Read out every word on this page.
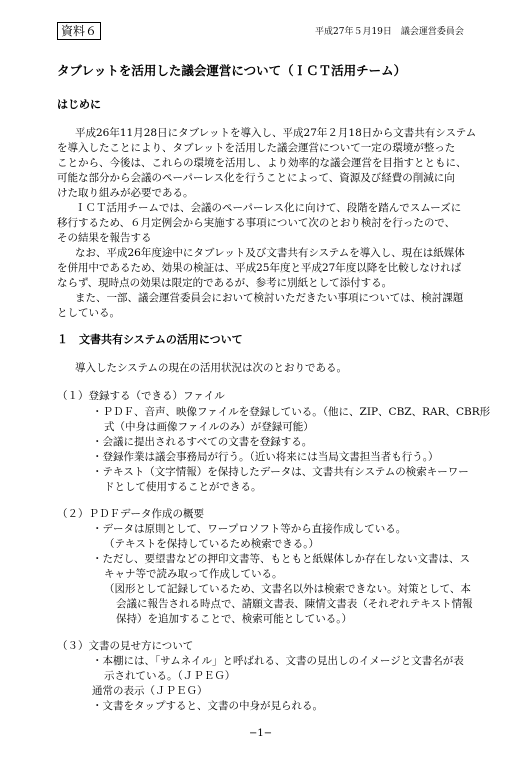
資料６	平成27年５月19日　議会運営委員会
タブレットを活用した議会運営について（ＩＣＴ活用チーム）
はじめに
平成26年11月28日にタブレットを導入し、平成27年２月18日から文書共有システム
を導入したことにより、タブレットを活用した議会運営について一定の環境が整った
ことから、今後は、これらの環境を活用し、より効率的な議会運営を目指すとともに、
可能な部分から会議のペーパーレス化を行うことによって、資源及び経費の削減に向
けた取り組みが必要である。
ＩＣＴ活用チームでは、会議のペーパーレス化に向けて、段階を踏んでスムーズに
移行するため、６月定例会から実施する事項について次のとおり検討を行ったので、
その結果を報告する
なお、平成26年度途中にタブレット及び文書共有システムを導入し、現在は紙媒体
を併用中であるため、効果の検証は、平成25年度と平成27年度以降を比較しなければ
ならず、現時点の効果は限定的であるが、参考に別紙として添付する。
また、一部、議会運営委員会において検討いただきたい事項については、検討課題
としている。
１　文書共有システムの活用について
導入したシステムの現在の活用状況は次のとおりである。
（１）登録する（できる）ファイル
・ＰＤＦ、音声、映像ファイルを登録している。（他に、ZIP、CBZ、RAR、CBR形
式（中身は画像ファイルのみ）が登録可能）
・会議に提出されるすべての文書を登録する。
・登録作業は議会事務局が行う。（近い将来には当局文書担当者も行う。）
・テキスト（文字情報）を保持したデータは、文書共有システムの検索キーワー
ドとして使用することができる。
（２）ＰＤＦデータ作成の概要
・データは原則として、ワープロソフト等から直接作成している。
（テキストを保持しているため検索できる。）
・ただし、要望書などの押印文書等、もともと紙媒体しか存在しない文書は、ス
キャナ等で読み取って作成している。
（図形として記録しているため、文書名以外は検索できない。対策として、本
会議に報告される時点で、請願文書表、陳情文書表（それぞれテキスト情報
保持）を追加することで、検索可能としている。）
（３）文書の見せ方について
・本棚には、「サムネイル」と呼ばれる、文書の見出しのイメージと文書名が表
示されている。（ＪＰＥＧ）
通常の表示（ＪＰＥＧ）
・文書をタップすると、文書の中身が見られる。
−1−
